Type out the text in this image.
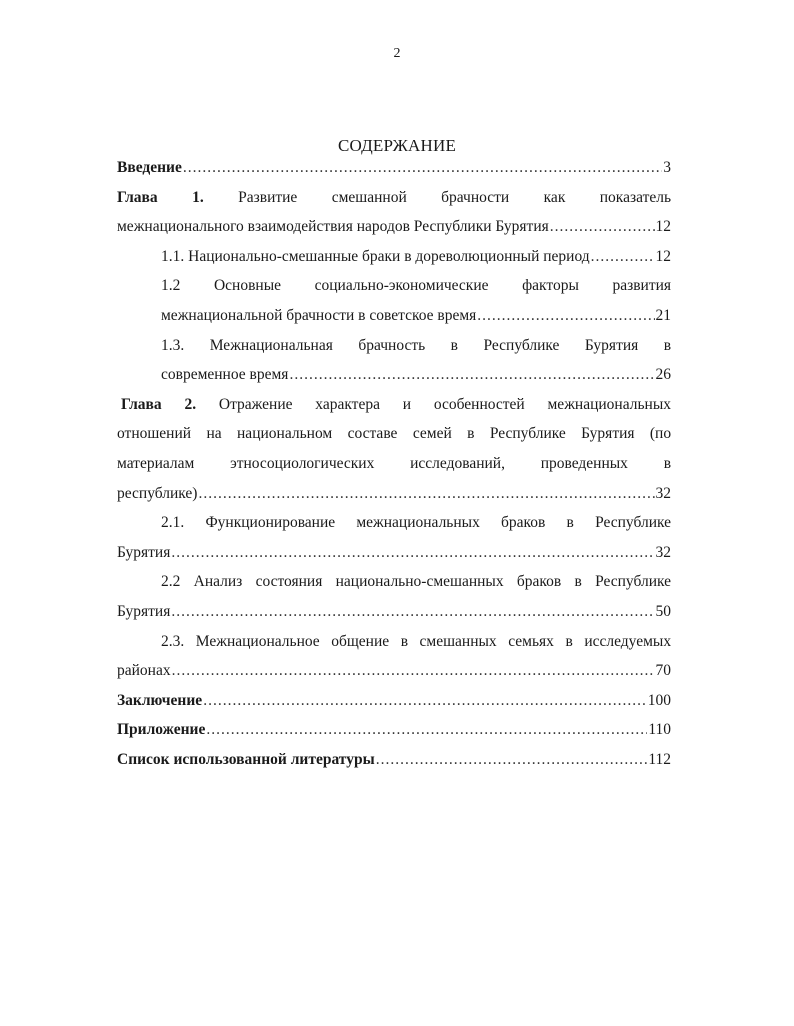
2
СОДЕРЖАНИЕ
Введение .....	3
Глава 1. Развитие смешанной брачности как показатель
межнационального взаимодействия народов Республики Бурятия .....	12
1.1. Национально-смешанные браки в дореволюционный период .....	12
1.2 Основные социально-экономические факторы развития
межнациональной брачности в советское время .....	21
1.3. Межнациональная брачность в Республике Бурятия в
современное время .....	26
Глава 2. Отражение характера и особенностей межнациональных
отношений на национальном составе семей в Республике Бурятия (по
материалам этносоциологических исследований, проведенных в
республике) .....	32
2.1. Функционирование межнациональных браков в Республике
Бурятия .....	32
2.2 Анализ состояния национально-смешанных браков в Республике
Бурятия .....	50
2.3. Межнациональное общение в смешанных семьях в исследуемых
районах .....	70
Заключение .....	100
Приложение .....	110
Список использованной литературы .....	112
